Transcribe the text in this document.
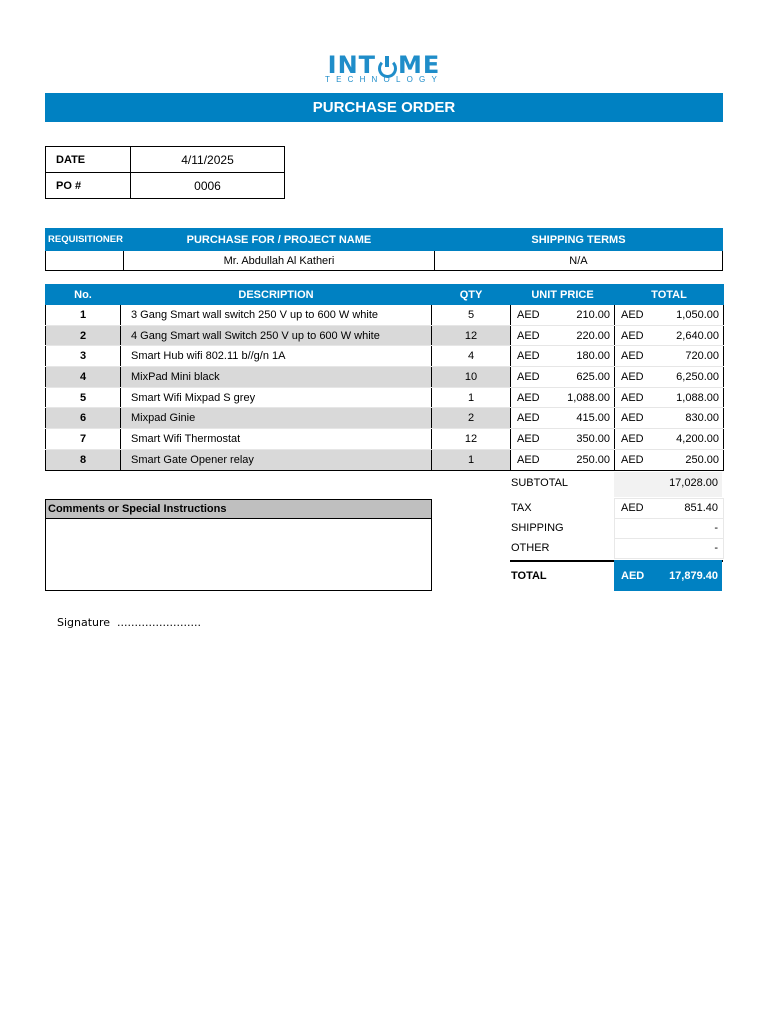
INT ME
TECHNOLOGY
PURCHASE ORDER
DATE	4/11/2025
PO #	0006
REQUISITIONER	PURCHASE FOR / PROJECT NAME	SHIPPING TERMS
	Mr. Abdullah Al Katheri	N/A
No.	DESCRIPTION	QTY	UNIT PRICE		TOTAL	
1	3 Gang Smart wall switch 250 V up to 600 W white	5	AED	210.00	AED	1,050.00
2	4 Gang Smart wall Switch 250 V up to 600 W white	12	AED	220.00	AED	2,640.00
3	Smart Hub wifi 802.11 b//g/n 1A	4	AED	180.00	AED	720.00
4	MixPad Mini black	10	AED	625.00	AED	6,250.00
5	Smart Wifi Mixpad S grey	1	AED	1,088.00	AED	1,088.00
6	Mixpad Ginie	2	AED	415.00	AED	830.00
7	Smart Wifi Thermostat	12	AED	350.00	AED	4,200.00
8	Smart Gate Opener relay	1	AED	250.00	AED	250.00
Comments or Special Instructions
SUBTOTAL	17,028.00
TAX	AED	851.40
SHIPPING	-
OTHER	-
TOTAL	AED 17,879.40
Signature  ........................
